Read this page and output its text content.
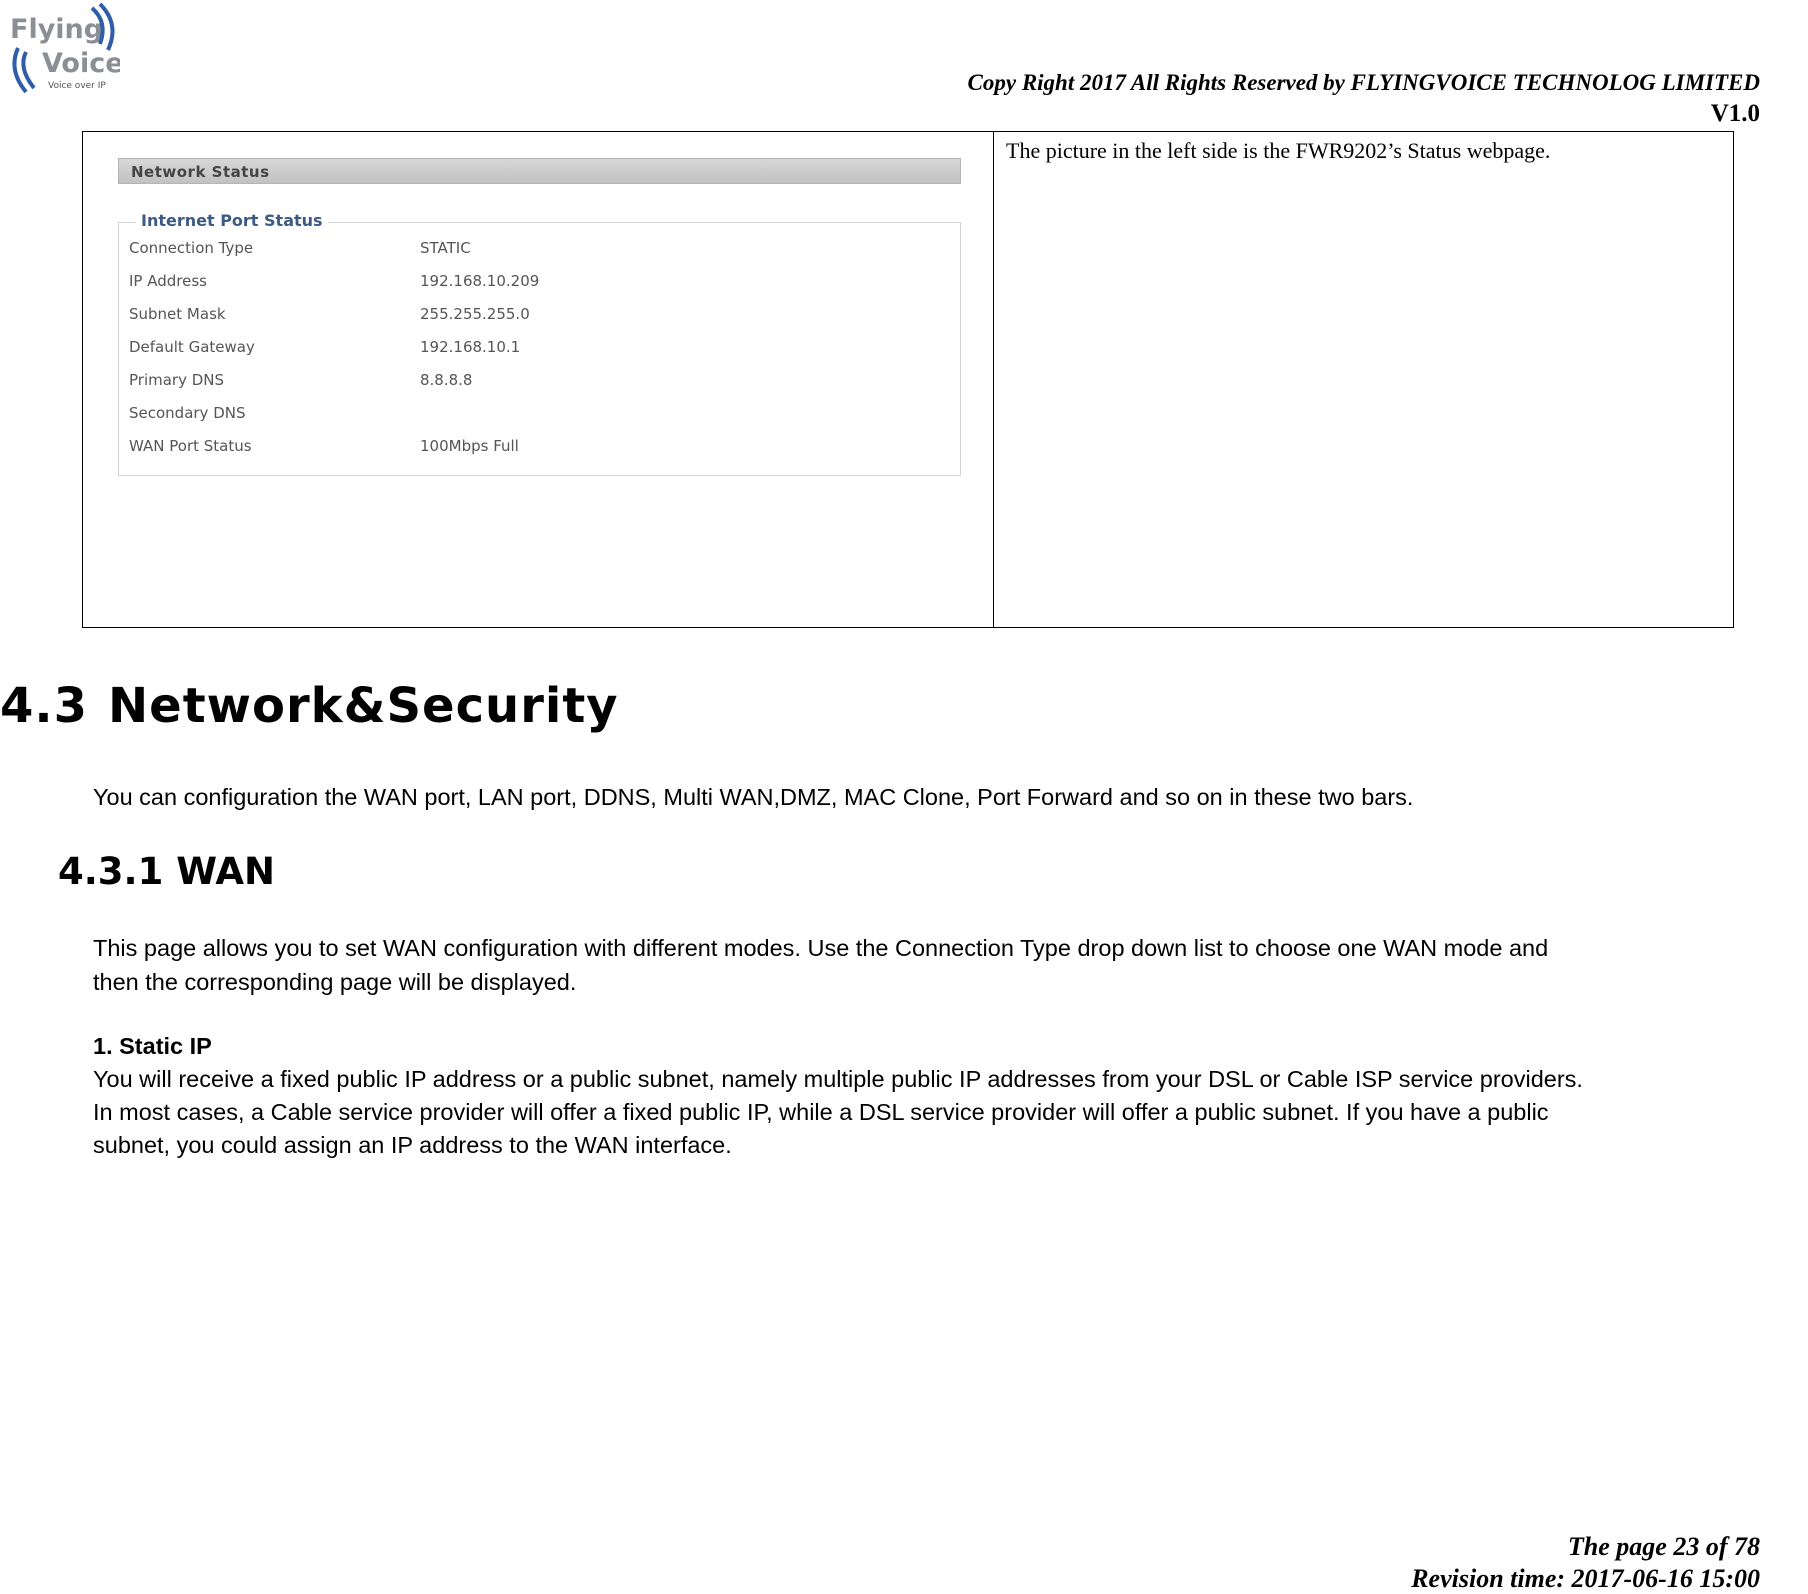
Flying
Voice
Voice over IP	Copy Right 2017 All Rights Reserved by FLYINGVOICE TECHNOLOG LIMITED
V1.0
Network Status
Internet Port Status
Connection Type	STATIC
IP Address	192.168.10.209
Subnet Mask	255.255.255.0
Default Gateway	192.168.10.1
Primary DNS	8.8.8.8
Secondary DNS
WAN Port Status	100Mbps Full
The picture in the left side is the FWR9202’s Status webpage.
4.3 Network&Security
You can configuration the WAN port, LAN port, DDNS, Multi WAN,DMZ, MAC Clone, Port Forward and so on in these two bars.
4.3.1 WAN
This page allows you to set WAN configuration with different modes. Use the Connection Type drop down list to choose one WAN mode and
then the corresponding page will be displayed.
1. Static IP
You will receive a fixed public IP address or a public subnet, namely multiple public IP addresses from your DSL or Cable ISP service providers.
In most cases, a Cable service provider will offer a fixed public IP, while a DSL service provider will offer a public subnet. If you have a public
subnet, you could assign an IP address to the WAN interface.
The page 23 of 78
Revision time: 2017-06-16 15:00
